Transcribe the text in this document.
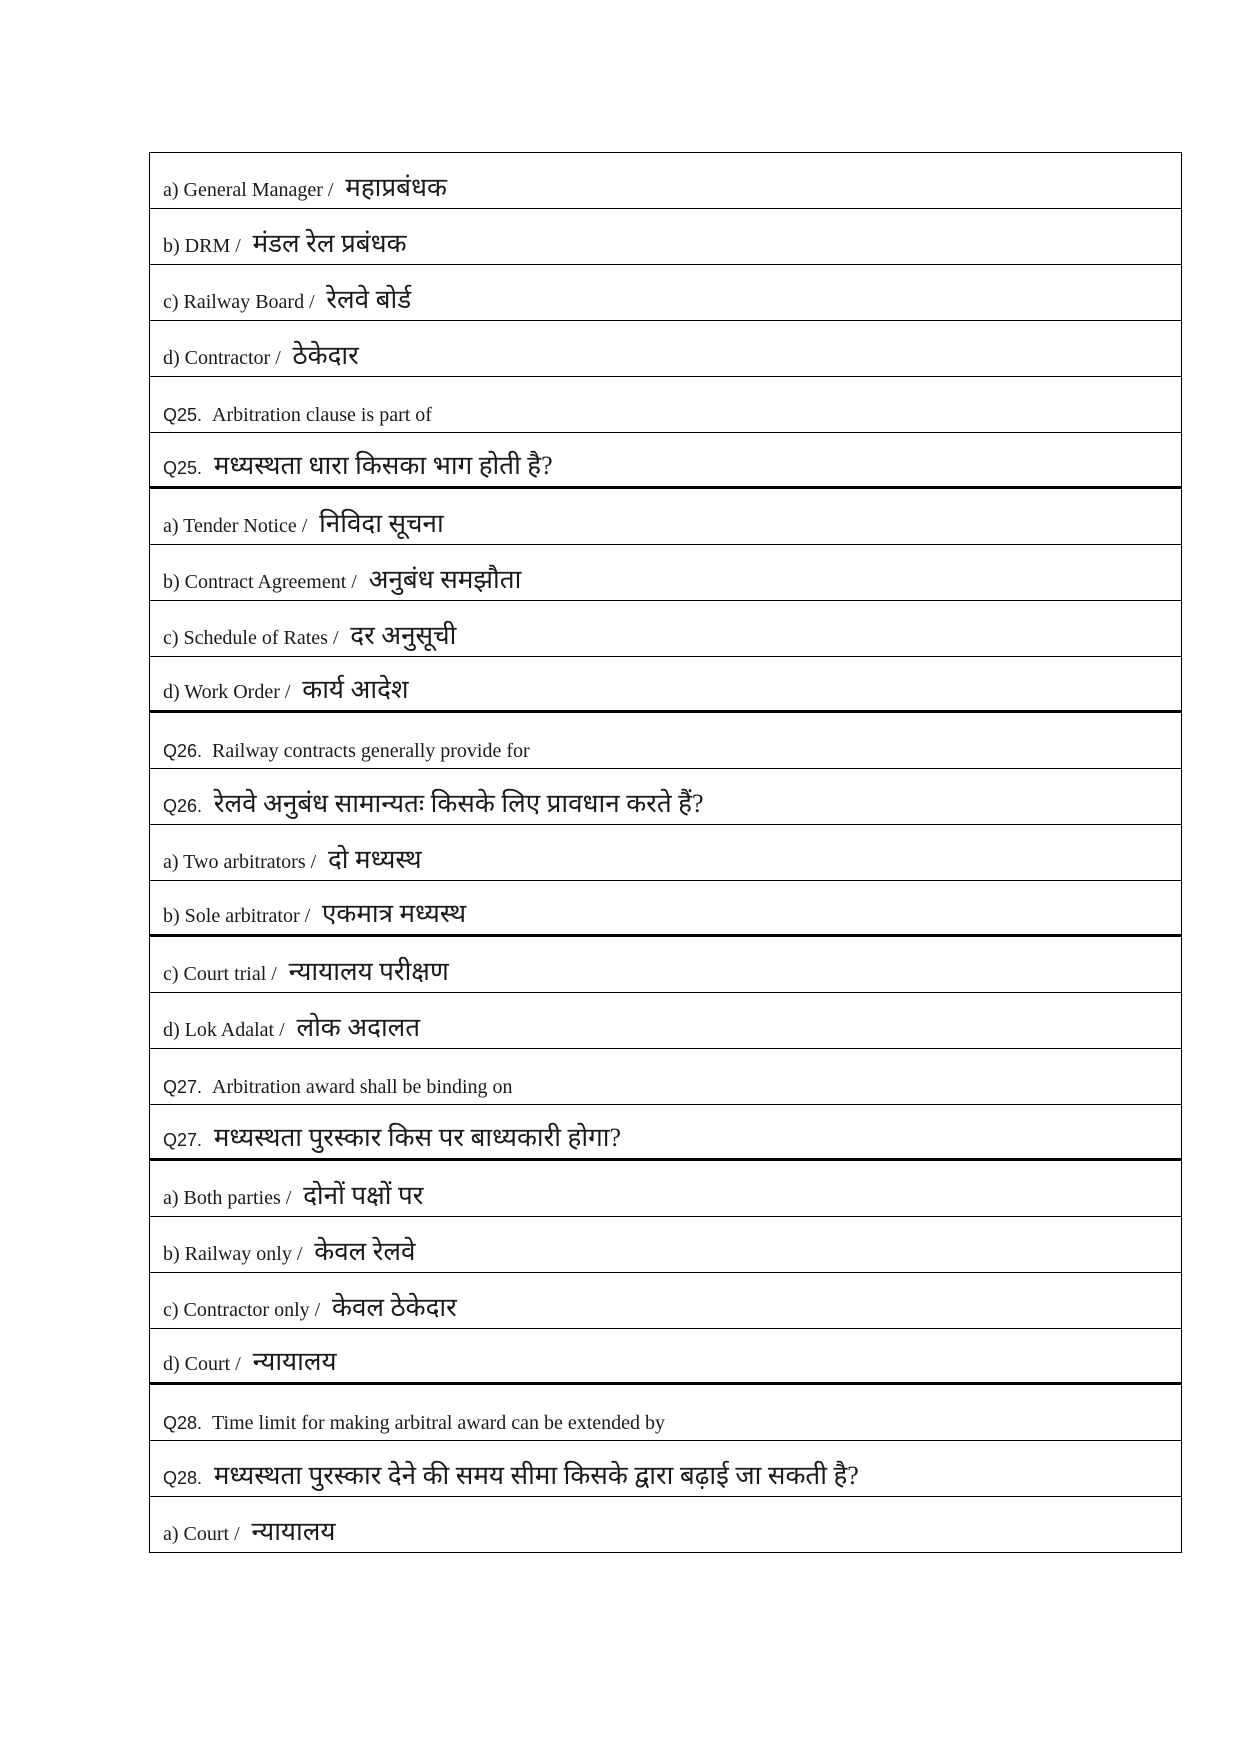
a) General Manager / महाप्रबंधक
b) DRM / मंडल रेल प्रबंधक
c) Railway Board / रेलवे बोर्ड
d) Contractor / ठेकेदार
Q25. Arbitration clause is part of
Q25. मध्यस्थता धारा किसका भाग होती है?
a) Tender Notice / निविदा सूचना
b) Contract Agreement / अनुबंध समझौता
c) Schedule of Rates / दर अनुसूची
d) Work Order / कार्य आदेश
Q26. Railway contracts generally provide for
Q26. रेलवे अनुबंध सामान्यतः किसके लिए प्रावधान करते हैं?
a) Two arbitrators / दो मध्यस्थ
b) Sole arbitrator / एकमात्र मध्यस्थ
c) Court trial / न्यायालय परीक्षण
d) Lok Adalat / लोक अदालत
Q27. Arbitration award shall be binding on
Q27. मध्यस्थता पुरस्कार किस पर बाध्यकारी होगा?
a) Both parties / दोनों पक्षों पर
b) Railway only / केवल रेलवे
c) Contractor only / केवल ठेकेदार
d) Court / न्यायालय
Q28. Time limit for making arbitral award can be extended by
Q28. मध्यस्थता पुरस्कार देने की समय सीमा किसके द्वारा बढ़ाई जा सकती है?
a) Court / न्यायालय
